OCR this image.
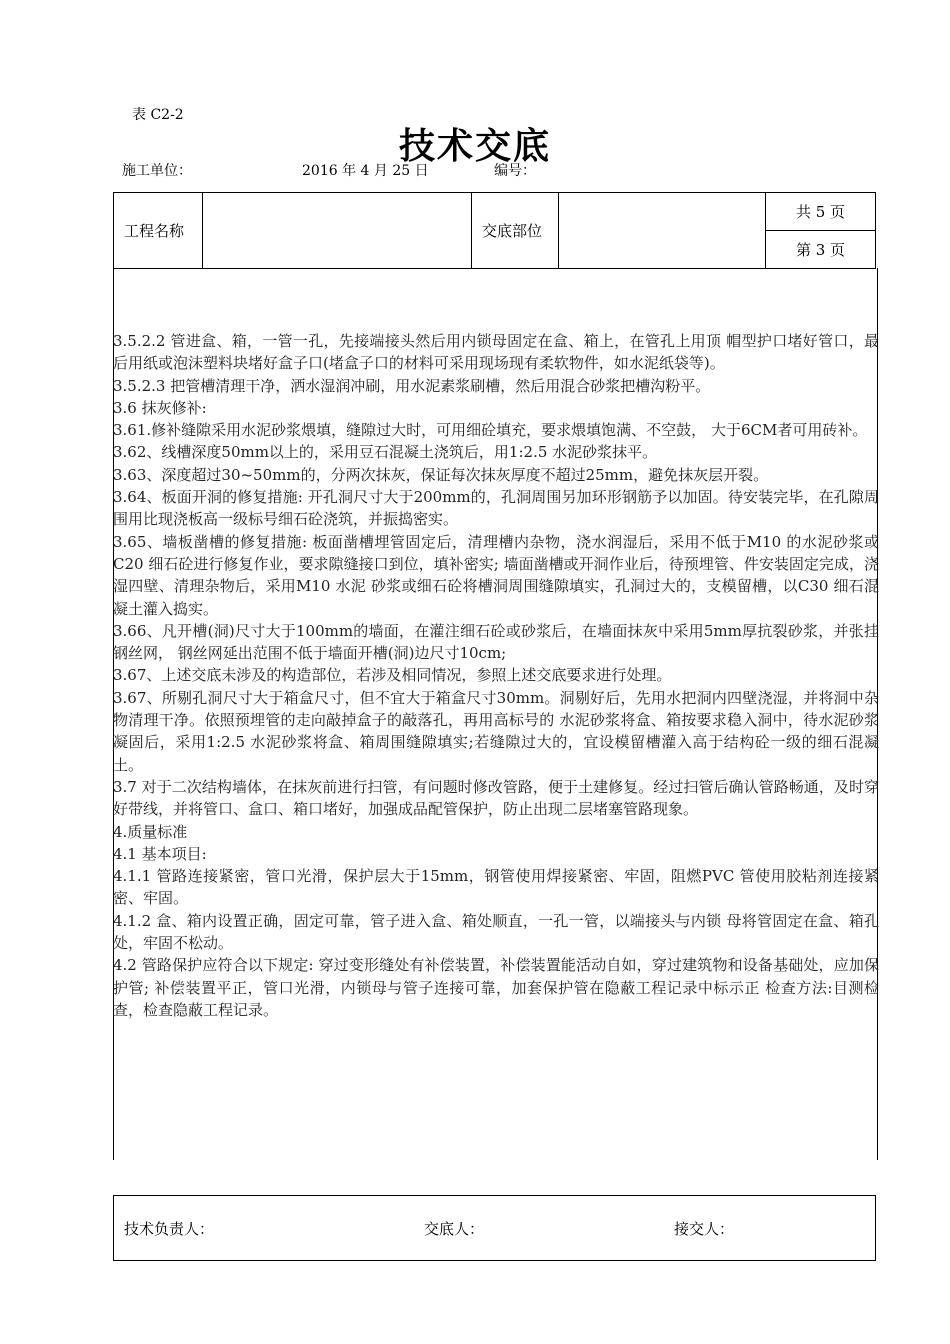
表 C2-2
技术交底
施工单位：	2016 年 4 月 25 日	编号：
工程名称		交底部位		共 5 页
第 3 页

3.5.2.2 管进盒、箱，一管一孔，先接端接头然后用内锁母固定在盒、箱上，在管孔上用顶 帽型护口堵好管口，最后用纸或泡沫塑料块堵好盒子口(堵盒子口的材料可采用现场现有柔软物件，如水泥纸袋等)。

3.5.2.3 把管槽清理干净，洒水湿润冲刷，用水泥素浆刷槽，然后用混合砂浆把槽沟粉平。

3.6 抹灰修补:

3.61.修补缝隙采用水泥砂浆煨填，缝隙过大时，可用细砼填充，要求煨填饱满、不空鼓， 大于6CM者可用砖补。

3.62、线槽深度50mm以上的，采用豆石混凝土浇筑后，用1:2.5 水泥砂浆抹平。

3.63、深度超过30~50mm的，分两次抹灰，保证每次抹灰厚度不超过25mm，避免抹灰层开裂。

3.64、板面开洞的修复措施: 开孔洞尺寸大于200mm的，孔洞周围另加环形钢筋予以加固。待安装完毕，在孔隙周围用比现浇板高一级标号细石砼浇筑，并振捣密实。

3.65、墙板凿槽的修复措施: 板面凿槽埋管固定后，清理槽内杂物，浇水润湿后，采用不低于M10 的水泥砂浆或C20 细石砼进行修复作业，要求隙缝接口到位，填补密实; 墙面凿槽或开洞作业后，待预埋管、件安装固定完成，浇湿四壁、清理杂物后，采用M10 水泥 砂浆或细石砼将槽洞周围缝隙填实，孔洞过大的，支模留槽，以C30 细石混凝土灌入捣实。

3.66、凡开槽(洞)尺寸大于100mm的墙面，在灌注细石砼或砂浆后，在墙面抹灰中采用5mm厚抗裂砂浆，并张挂钢丝网， 钢丝网延出范围不低于墙面开槽(洞)边尺寸10cm;

3.67、上述交底未涉及的构造部位，若涉及相同情况，参照上述交底要求进行处理。

3.67、所剔孔洞尺寸大于箱盒尺寸，但不宜大于箱盒尺寸30mm。洞剔好后，先用水把洞内四壁浇湿，并将洞中杂物清理干净。依照预埋管的走向敲掉盒子的敲落孔，再用高标号的 水泥砂浆将盒、箱按要求稳入洞中，待水泥砂浆凝固后，采用1:2.5 水泥砂浆将盒、箱周围缝隙填实;若缝隙过大的，宜设模留槽灌入高于结构砼一级的细石混凝土。

3.7 对于二次结构墙体，在抹灰前进行扫管，有问题时修改管路，便于土建修复。经过扫管后确认管路畅通，及时穿好带线，并将管口、盒口、箱口堵好，加强成品配管保护，防止出现二层堵塞管路现象。

4.质量标准

4.1 基本项目:

4.1.1 管路连接紧密，管口光滑，保护层大于15mm，钢管使用焊接紧密、牢固，阻燃PVC 管使用胶粘剂连接紧密、牢固。

4.1.2 盒、箱内设置正确，固定可靠，管子进入盒、箱处顺直，一孔一管，以端接头与内锁 母将管固定在盒、箱孔处，牢固不松动。

4.2 管路保护应符合以下规定: 穿过变形缝处有补偿装置，补偿装置能活动自如，穿过建筑物和设备基础处，应加保护管; 补偿装置平正，管口光滑，内锁母与管子连接可靠，加套保护管在隐蔽工程记录中标示正 检查方法:目测检查，检查隐蔽工程记录。

技术负责人：	交底人：	接交人：
